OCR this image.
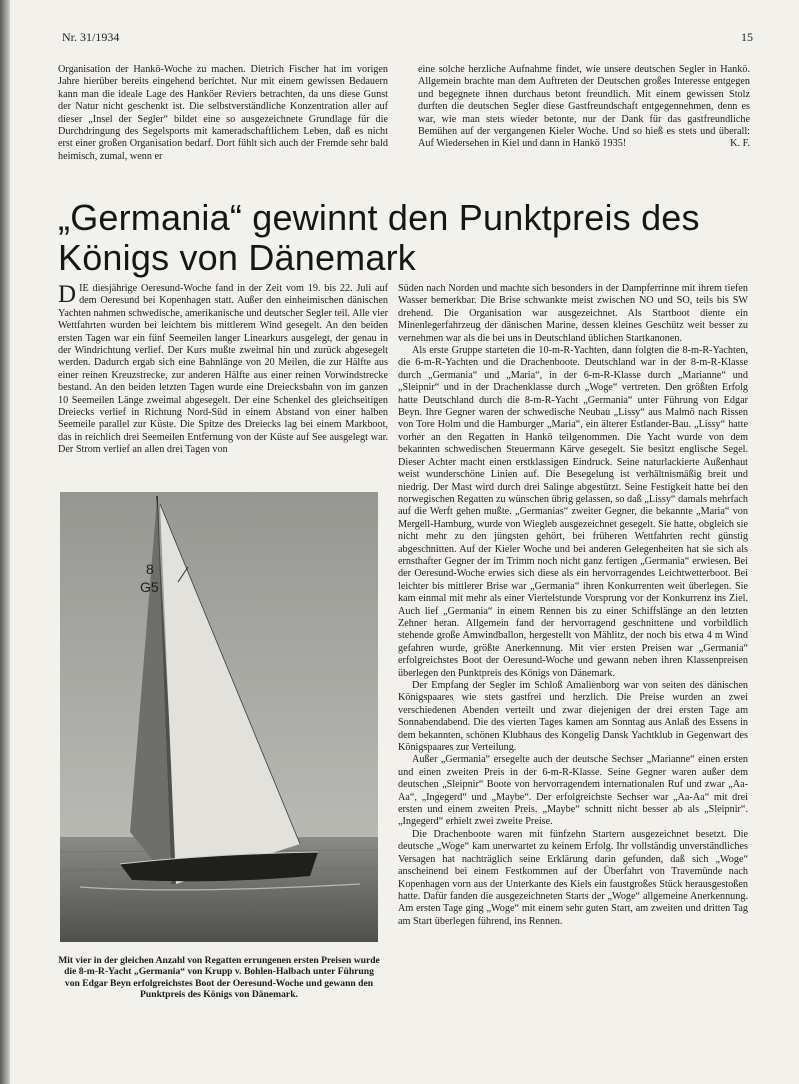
Nr. 31/1934	15

Organisation der Hankö-Woche zu machen. Dietrich Fischer hat im vorigen Jahre hierüber bereits eingehend berichtet. Nur mit einem gewissen Bedauern kann man die ideale Lage des Hanköer Reviers betrachten, da uns diese Gunst der Natur nicht geschenkt ist. Die selbstverständliche Konzentration aller auf dieser „Insel der Segler“ bildet eine so ausgezeichnete Grundlage für die Durchdringung des Segelsports mit kameradschaftlichem Leben, daß es nicht erst einer großen Organisation bedarf. Dort fühlt sich auch der Fremde sehr bald heimisch, zumal, wenn er

eine solche herzliche Aufnahme findet, wie unsere deutschen Segler in Hankö. Allgemein brachte man dem Auftreten der Deutschen großes Interesse entgegen und begegnete ihnen durchaus betont freundlich. Mit einem gewissen Stolz durften die deutschen Segler diese Gastfreundschaft entgegennehmen, denn es war, wie man stets wieder betonte, nur der Dank für das gastfreundliche Bemühen auf der vergangenen Kieler Woche. Und so hieß es stets und überall: Auf Wiedersehen in Kiel und dann in Hankö 1935!	K. F.

„Germania“ gewinnt den Punktpreis des Königs von Dänemark

DIE diesjährige Oeresund-Woche fand in der Zeit vom 19. bis 22. Juli auf dem Oeresund bei Kopenhagen statt. Außer den einheimischen dänischen Yachten nahmen schwedische, amerikanische und deutscher Segler teil. Alle vier Wettfahrten wurden bei leichtem bis mittlerem Wind gesegelt. An den beiden ersten Tagen war ein fünf Seemeilen langer Linearkurs ausgelegt, der genau in der Windrichtung verlief. Der Kurs mußte zweimal hin und zurück abgesegelt werden. Dadurch ergab sich eine Bahnlänge von 20 Meilen, die zur Hälfte aus einer reinen Kreuzstrecke, zur anderen Hälfte aus einer reinen Vorwindstrecke bestand. An den beiden letzten Tagen wurde eine Dreiecksbahn von im ganzen 10 Seemeilen Länge zweimal abgesegelt. Der eine Schenkel des gleichseitigen Dreiecks verlief in Richtung Nord-Süd in einem Abstand von einer halben Seemeile parallel zur Küste. Die Spitze des Dreiecks lag bei einem Markboot, das in reichlich drei Seemeilen Entfernung von der Küste auf See ausgelegt war. Der Strom verlief an allen drei Tagen von

8
G5
Mit vier in der gleichen Anzahl von Regatten errungenen ersten Preisen wurde die 8-m-R-Yacht „Germania“ von Krupp v. Bohlen-Halbach unter Führung von Edgar Beyn erfolgreichstes Boot der Oeresund-Woche und gewann den Punktpreis des Königs von Dänemark.

Süden nach Norden und machte sich besonders in der Dampferrinne mit ihrem tiefen Wasser bemerkbar. Die Brise schwankte meist zwischen NO und SO, teils bis SW drehend. Die Organisation war ausgezeichnet. Als Startboot diente ein Minenlegerfahrzeug der dänischen Marine, dessen kleines Geschütz weit besser zu vernehmen war als die bei uns in Deutschland üblichen Startkanonen.

Als erste Gruppe starteten die 10-m-R-Yachten, dann folgten die 8-m-R-Yachten, die 6-m-R-Yachten und die Drachenboote. Deutschland war in der 8-m-R-Klasse durch „Germania“ und „Maria“, in der 6-m-R-Klasse durch „Marianne“ und „Sleipnir“ und in der Drachenklasse durch „Woge“ vertreten. Den größten Erfolg hatte Deutschland durch die 8-m-R-Yacht „Germania“ unter Führung von Edgar Beyn. Ihre Gegner waren der schwedische Neubau „Lissy“ aus Malmö nach Rissen von Tore Holm und die Hamburger „Maria“, ein älterer Estlander-Bau. „Lissy“ hatte vorher an den Regatten in Hankö teilgenommen. Die Yacht wurde von dem bekannten schwedischen Steuermann Kärve gesegelt. Sie besitzt englische Segel. Dieser Achter macht einen erstklassigen Eindruck. Seine naturlackierte Außenhaut weist wunderschöne Linien auf. Die Besegelung ist verhältnismäßig breit und niedrig. Der Mast wird durch drei Salinge abgestützt. Seine Festigkeit hatte bei den norwegischen Regatten zu wünschen übrig gelassen, so daß „Lissy“ damals mehrfach auf die Werft gehen mußte. „Germanias“ zweiter Gegner, die bekannte „Maria“ von Mergell-Hamburg, wurde von Wiegleb ausgezeichnet gesegelt. Sie hatte, obgleich sie nicht mehr zu den jüngsten gehört, bei früheren Wettfahrten recht günstig abgeschnitten. Auf der Kieler Woche und bei anderen Gelegenheiten hat sie sich als ernsthafter Gegner der im Trimm noch nicht ganz fertigen „Germania“ erwiesen. Bei der Oeresund-Woche erwies sich diese als ein hervorragendes Leichtwetterboot. Bei leichter bis mittlerer Brise war „Germania“ ihren Konkurrenten weit überlegen. Sie kam einmal mit mehr als einer Viertelstunde Vorsprung vor der Konkurrenz ins Ziel. Auch lief „Germania“ in einem Rennen bis zu einer Schiffslänge an den letzten Zehner heran. Allgemein fand der hervorragend geschnittene und vorbildlich stehende große Amwindballon, hergestellt von Mählitz, der noch bis etwa 4 m Wind gefahren wurde, größte Anerkennung. Mit vier ersten Preisen war „Germania“ erfolgreichstes Boot der Oeresund-Woche und gewann neben ihren Klassenpreisen überlegen den Punktpreis des Königs von Dänemark.

Der Empfang der Segler im Schloß Amalienborg war von seiten des dänischen Königspaares wie stets gastfrei und herzlich. Die Preise wurden an zwei verschiedenen Abenden verteilt und zwar diejenigen der drei ersten Tage am Sonnabendabend. Die des vierten Tages kamen am Sonntag aus Anlaß des Essens in dem bekannten, schönen Klubhaus des Kongelig Dansk Yachtklub in Gegenwart des Königspaares zur Verteilung.

Außer „Germania“ ersegelte auch der deutsche Sechser „Marianne“ einen ersten und einen zweiten Preis in der 6-m-R-Klasse. Seine Gegner waren außer dem deutschen „Sleipnir“ Boote von hervorragendem internationalen Ruf und zwar „Aa-Aa“, „Ingegerd“ und „Maybe“. Der erfolgreichste Sechser war „Aa-Aa“ mit drei ersten und einem zweiten Preis. „Maybe“ schnitt nicht besser ab als „Sleipnir“. „Ingegerd“ erhielt zwei zweite Preise.

Die Drachenboote waren mit fünfzehn Startern ausgezeichnet besetzt. Die deutsche „Woge“ kam unerwartet zu keinem Erfolg. Ihr vollständig unverständliches Versagen hat nachträglich seine Erklärung darin gefunden, daß sich „Woge“ anscheinend bei einem Festkommen auf der Überfahrt von Travemünde nach Kopenhagen vorn aus der Unterkante des Kiels ein faustgroßes Stück herausgestoßen hatte. Dafür fanden die ausgezeichneten Starts der „Woge“ allgemeine Anerkennung. Am ersten Tage ging „Woge“ mit einem sehr guten Start, am zweiten und dritten Tag am Start überlegen führend, ins Rennen.
